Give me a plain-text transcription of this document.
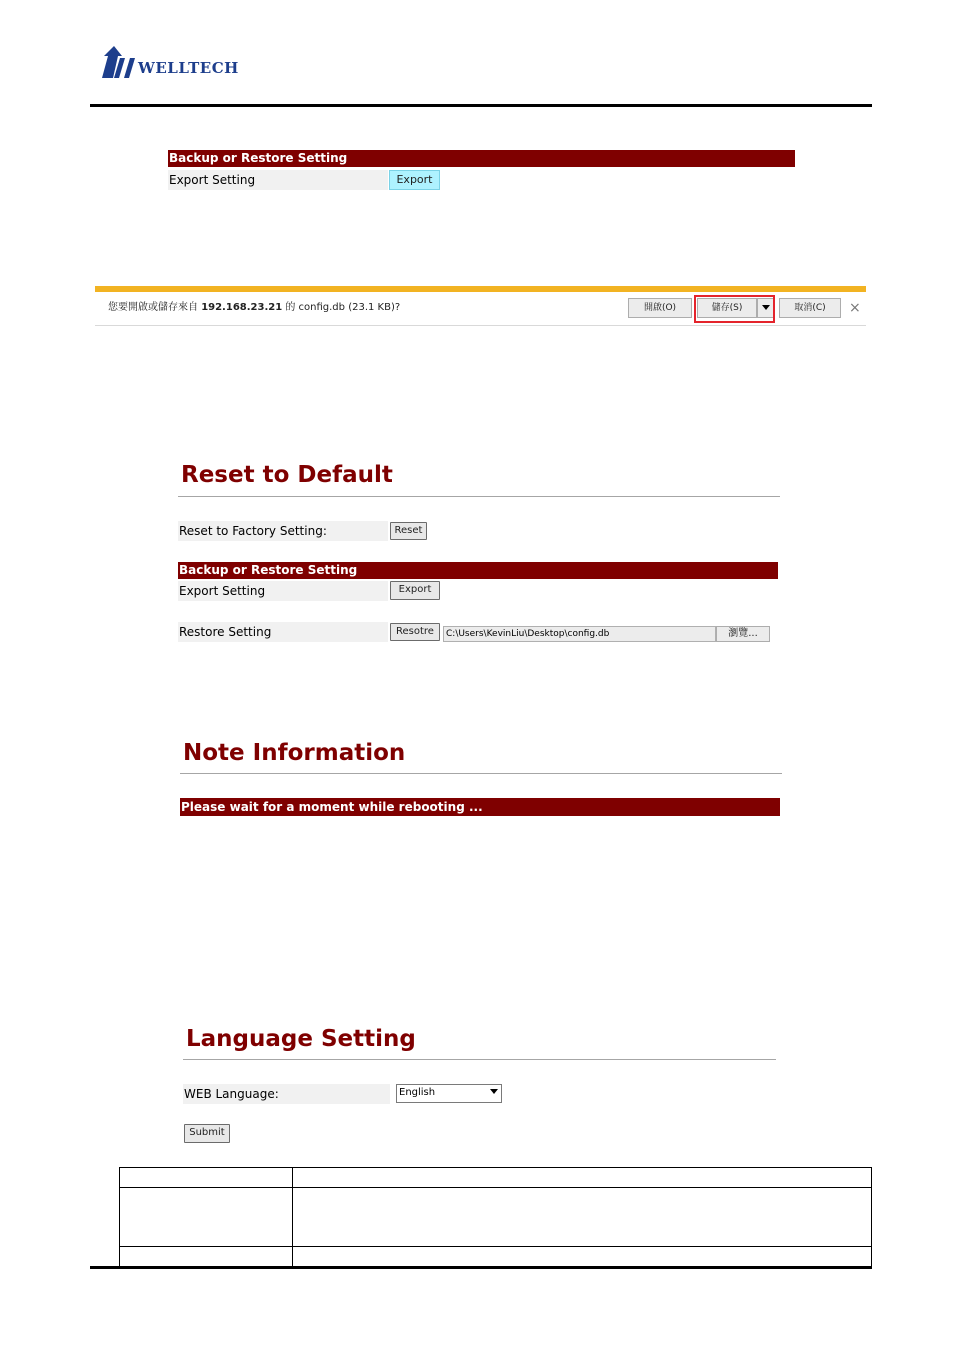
WELLTECH
Backup or Restore Setting
Export Setting	Export
您要開啟或儲存來自 192.168.23.21 的 config.db (23.1 KB)?	開啟(O)	儲存(S)	取消(C)	×
Reset to Default
Reset to Factory Setting:	Reset
Backup or Restore Setting
Export Setting	Export
Restore Setting	Resotre	C:\Users\KevinLiu\Desktop\config.db	瀏覽...
Note Information
Please wait for a moment while rebooting ...
Language Setting
WEB Language:	English
Submit
